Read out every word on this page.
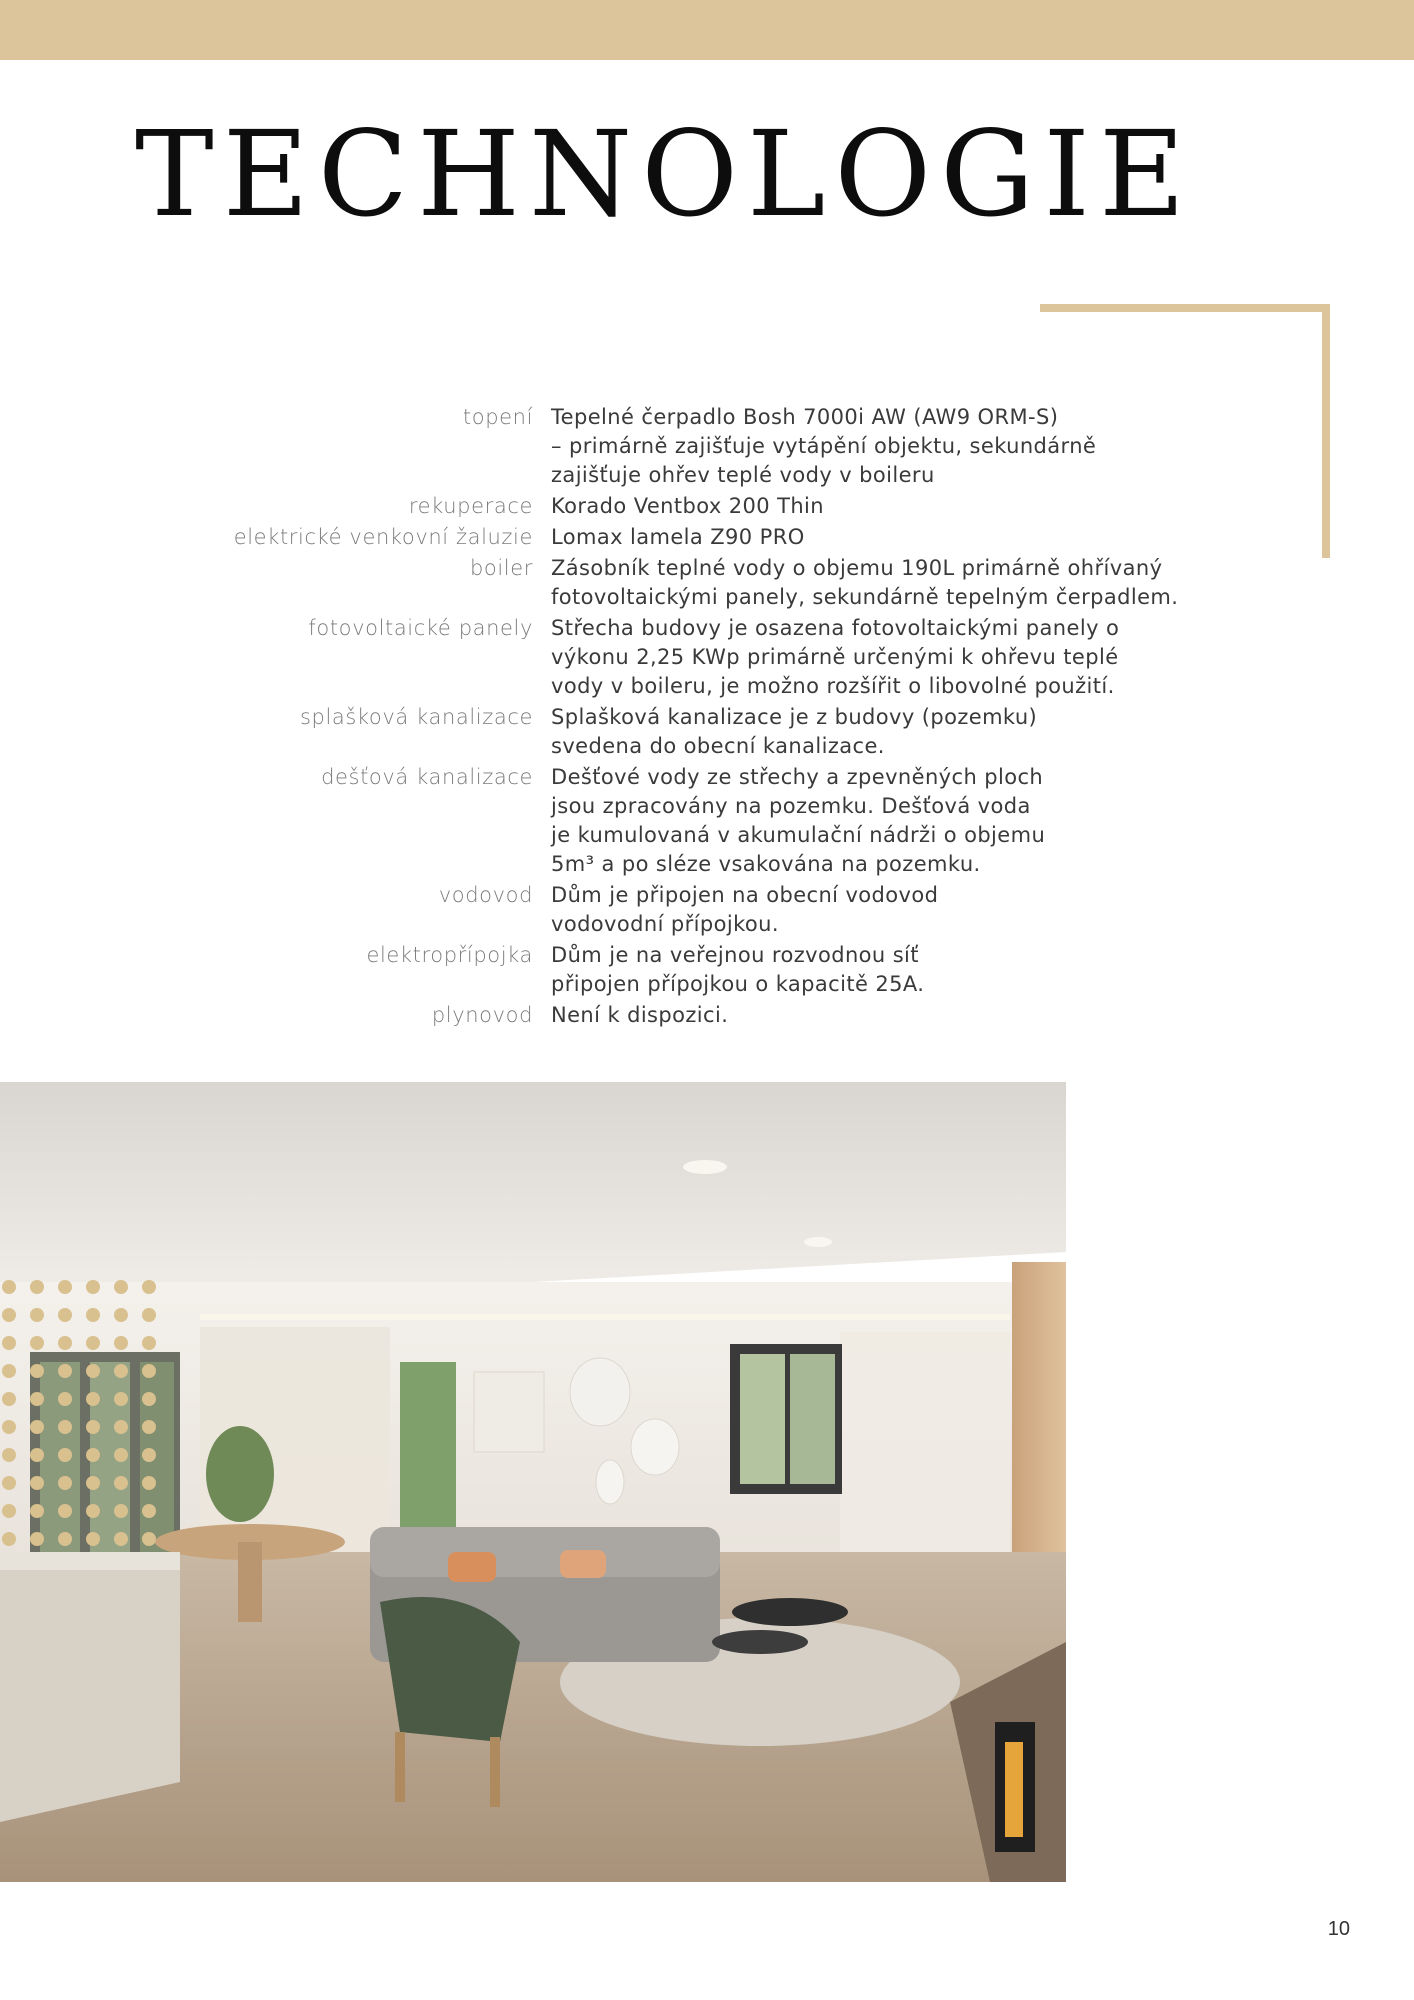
TECHNOLOGIE
topení Tepelné čerpadlo Bosh 7000i AW (AW9 ORM-S)
– primárně zajišťuje vytápění objektu, sekundárně
zajišťuje ohřev teplé vody v boileru
rekuperace Korado Ventbox 200 Thin
elektrické venkovní žaluzie Lomax lamela Z90 PRO
boiler Zásobník teplné vody o objemu 190L primárně ohřívaný
fotovoltaickými panely, sekundárně tepelným čerpadlem.
fotovoltaické panely Střecha budovy je osazena fotovoltaickými panely o
výkonu 2,25 KWp primárně určenými k ohřevu teplé
vody v boileru, je možno rozšířit o libovolné použití.
splašková kanalizace Splašková kanalizace je z budovy (pozemku)
svedena do obecní kanalizace.
dešťová kanalizace Dešťové vody ze střechy a zpevněných ploch
jsou zpracovány na pozemku. Dešťová voda
je kumulovaná v akumulační nádrži o objemu
5m³ a po sléze vsakována na pozemku.
vodovod Dům je připojen na obecní vodovod
vodovodní přípojkou.
elektropřípojka Dům je na veřejnou rozvodnou síť
připojen přípojkou o kapacitě 25A.
plynovod Není k dispozici.
10
